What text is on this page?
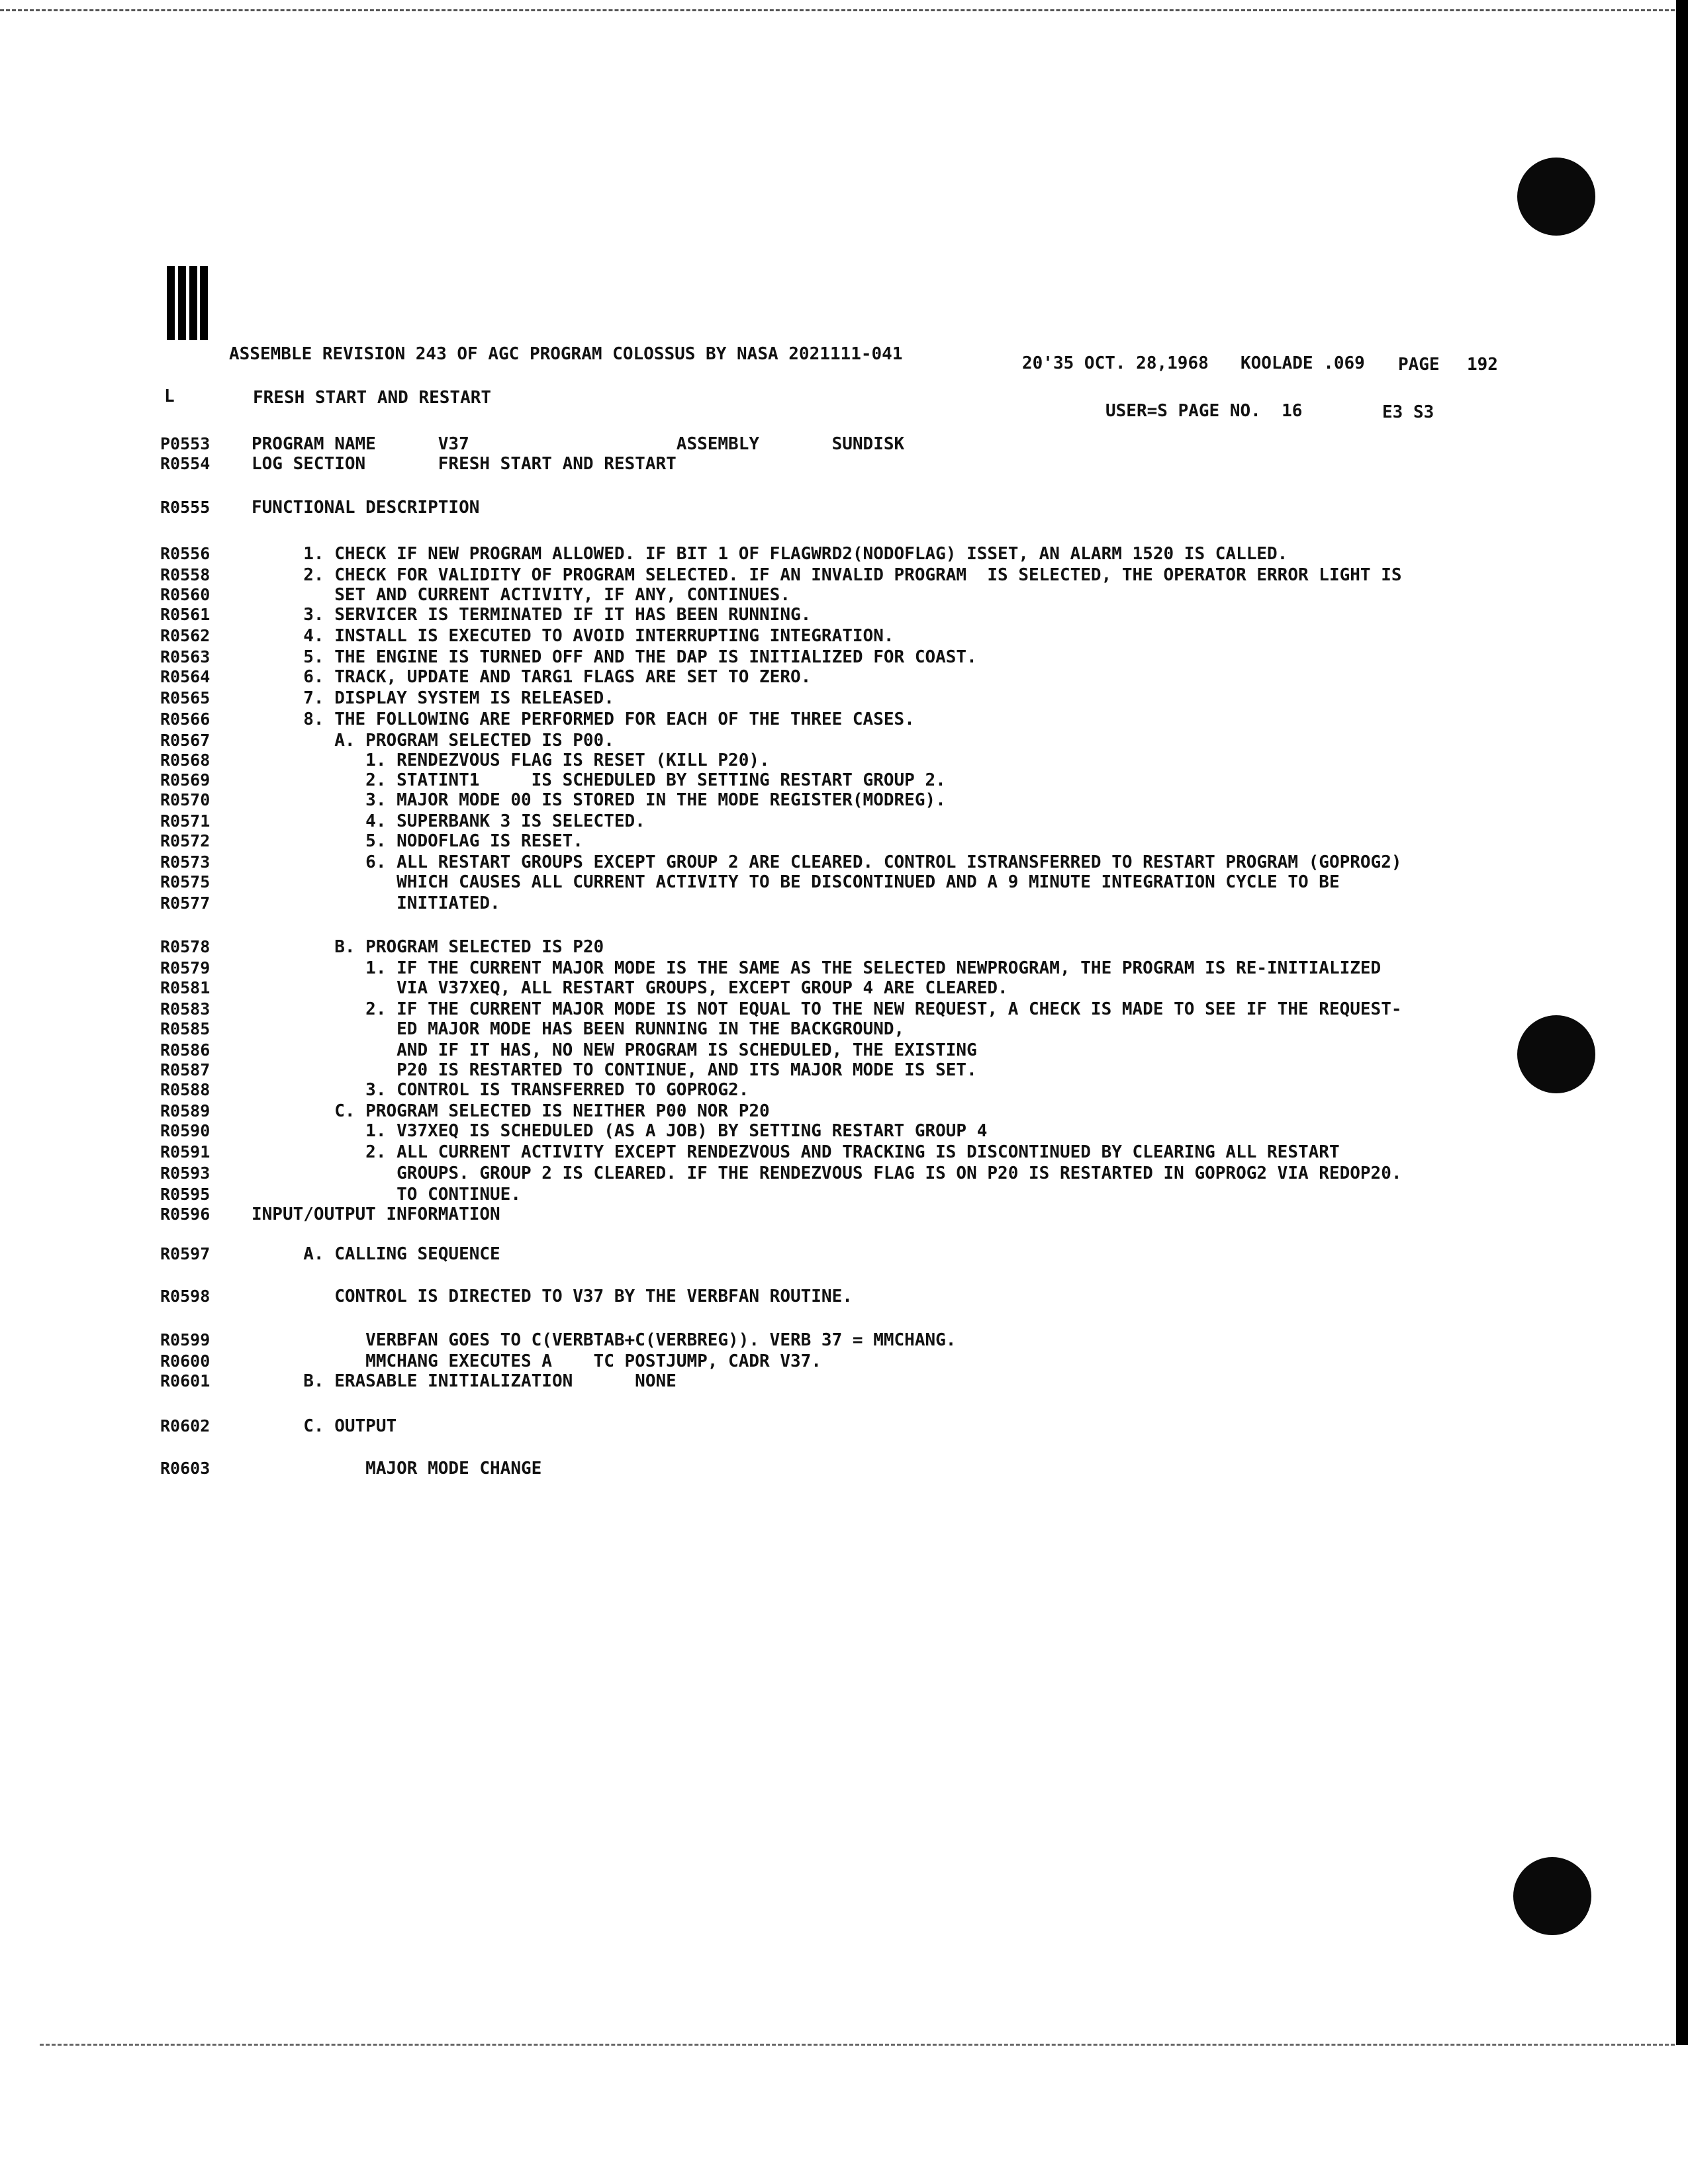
ASSEMBLE REVISION 243 OF AGC PROGRAM COLOSSUS BY NASA 2021111-041	20'35 OCT. 28,1968 KOOLADE .069 PAGE 192
L	FRESH START AND RESTART
USER=S PAGE NO.  16	E3 S3
P0553 PROGRAM NAME      V37                    ASSEMBLY       SUNDISK
R0554 LOG SECTION       FRESH START AND RESTART
R0555 FUNCTIONAL DESCRIPTION
R0556 1. CHECK IF NEW PROGRAM ALLOWED. IF BIT 1 OF FLAGWRD2(NODOFLAG) ISSET, AN ALARM 1520 IS CALLED.
R0558 2. CHECK FOR VALIDITY OF PROGRAM SELECTED. IF AN INVALID PROGRAM  IS SELECTED, THE OPERATOR ERROR LIGHT IS
R0560 SET AND CURRENT ACTIVITY, IF ANY, CONTINUES.
R0561 3. SERVICER IS TERMINATED IF IT HAS BEEN RUNNING.
R0562 4. INSTALL IS EXECUTED TO AVOID INTERRUPTING INTEGRATION.
R0563 5. THE ENGINE IS TURNED OFF AND THE DAP IS INITIALIZED FOR COAST.
R0564 6. TRACK, UPDATE AND TARG1 FLAGS ARE SET TO ZERO.
R0565 7. DISPLAY SYSTEM IS RELEASED.
R0566 8. THE FOLLOWING ARE PERFORMED FOR EACH OF THE THREE CASES.
R0567 A. PROGRAM SELECTED IS P00.
R0568 1. RENDEZVOUS FLAG IS RESET (KILL P20).
R0569 2. STATINT1     IS SCHEDULED BY SETTING RESTART GROUP 2.
R0570 3. MAJOR MODE 00 IS STORED IN THE MODE REGISTER(MODREG).
R0571 4. SUPERBANK 3 IS SELECTED.
R0572 5. NODOFLAG IS RESET.
R0573 6. ALL RESTART GROUPS EXCEPT GROUP 2 ARE CLEARED. CONTROL ISTRANSFERRED TO RESTART PROGRAM (GOPROG2)
R0575 WHICH CAUSES ALL CURRENT ACTIVITY TO BE DISCONTINUED AND A 9 MINUTE INTEGRATION CYCLE TO BE
R0577 INITIATED.
R0578 B. PROGRAM SELECTED IS P20
R0579 1. IF THE CURRENT MAJOR MODE IS THE SAME AS THE SELECTED NEWPROGRAM, THE PROGRAM IS RE-INITIALIZED
R0581 VIA V37XEQ, ALL RESTART GROUPS, EXCEPT GROUP 4 ARE CLEARED.
R0583 2. IF THE CURRENT MAJOR MODE IS NOT EQUAL TO THE NEW REQUEST, A CHECK IS MADE TO SEE IF THE REQUEST-
R0585 ED MAJOR MODE HAS BEEN RUNNING IN THE BACKGROUND,
R0586 AND IF IT HAS, NO NEW PROGRAM IS SCHEDULED, THE EXISTING
R0587 P20 IS RESTARTED TO CONTINUE, AND ITS MAJOR MODE IS SET.
R0588 3. CONTROL IS TRANSFERRED TO GOPROG2.
R0589 C. PROGRAM SELECTED IS NEITHER P00 NOR P20
R0590 1. V37XEQ IS SCHEDULED (AS A JOB) BY SETTING RESTART GROUP 4
R0591 2. ALL CURRENT ACTIVITY EXCEPT RENDEZVOUS AND TRACKING IS DISCONTINUED BY CLEARING ALL RESTART
R0593 GROUPS. GROUP 2 IS CLEARED. IF THE RENDEZVOUS FLAG IS ON P20 IS RESTARTED IN GOPROG2 VIA REDOP20.
R0595 TO CONTINUE.
R0596 INPUT/OUTPUT INFORMATION
R0597 A. CALLING SEQUENCE
R0598 CONTROL IS DIRECTED TO V37 BY THE VERBFAN ROUTINE.
R0599 VERBFAN GOES TO C(VERBTAB+C(VERBREG)). VERB 37 = MMCHANG.
R0600 MMCHANG EXECUTES A    TC POSTJUMP, CADR V37.
R0601 B. ERASABLE INITIALIZATION      NONE
R0602 C. OUTPUT
R0603 MAJOR MODE CHANGE
